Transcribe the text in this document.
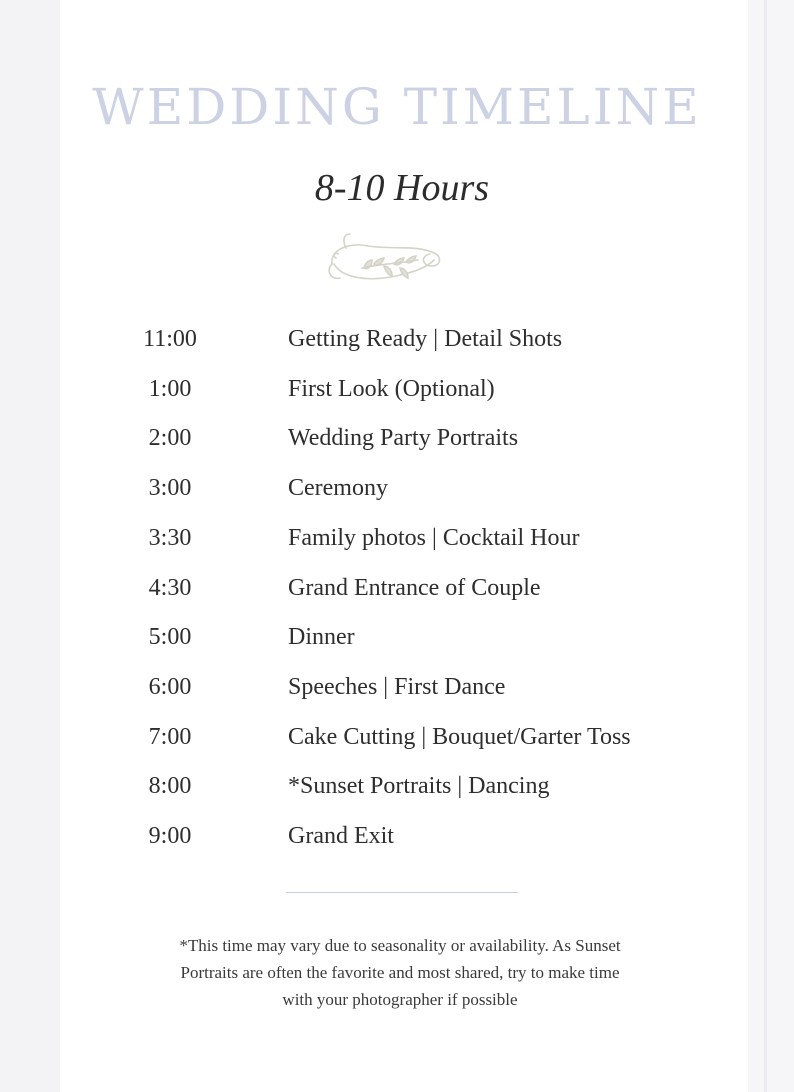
WEDDING TIMELINE
8-10 Hours
11:00	Getting Ready | Detail Shots
1:00	First Look (Optional)
2:00	Wedding Party Portraits
3:00	Ceremony
3:30	Family photos | Cocktail Hour
4:30	Grand Entrance of Couple
5:00	Dinner
6:00	Speeches | First Dance
7:00	Cake Cutting | Bouquet/Garter Toss
8:00	*Sunset Portraits | Dancing
9:00	Grand Exit
*This time may vary due to seasonality or availability. As Sunset
Portraits are often the favorite and most shared, try to make time
with your photographer if possible
